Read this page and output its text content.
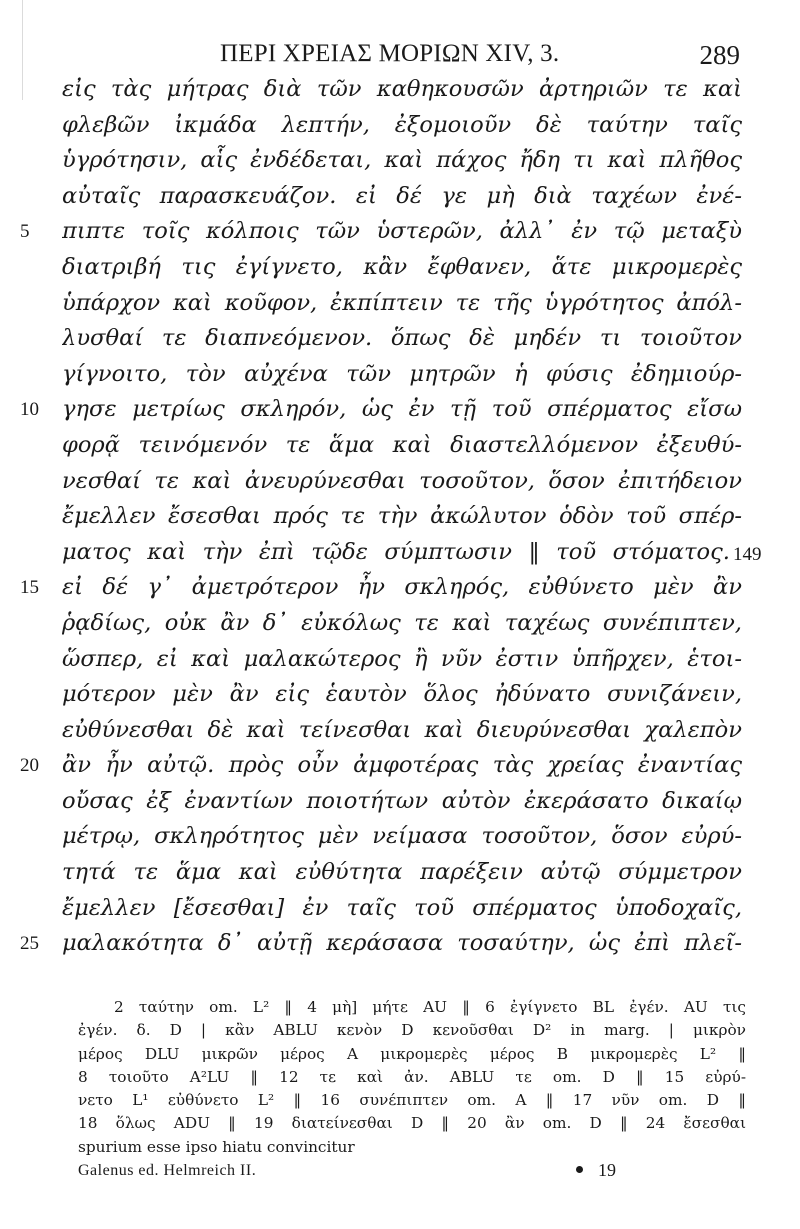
ΠΕΡΙ ΧΡΕΙΑΣ ΜΟΡΙΩΝ XIV, 3.	289
εἰς τὰς μήτρας διὰ τῶν καθηκουσῶν ἀρτηριῶν τε καὶ
φλεβῶν ἰκμάδα λεπτήν, ἐξομοιοῦν δὲ ταύτην ταῖς
ὑγρότησιν, αἷς ἐνδέδεται, καὶ πάχος ἤδη τι καὶ πλῆθος
αὐταῖς παρασκευάζον. εἰ δέ γε μὴ διὰ ταχέων ἐνέ-
5	πιπτε τοῖς κόλποις τῶν ὑστερῶν, ἀλλ᾽ ἐν τῷ μεταξὺ
διατριβή τις ἐγίγνετο, κἂν ἔφθανεν, ἅτε μικρομερὲς
ὑπάρχον καὶ κοῦφον, ἐκπίπτειν τε τῆς ὑγρότητος ἀπόλ-
λυσθαί τε διαπνεόμενον. ὅπως δὲ μηδέν τι τοιοῦτον
γίγνοιτο, τὸν αὐχένα τῶν μητρῶν ἡ φύσις ἐδημιούρ-
10	γησε μετρίως σκληρόν, ὡς ἐν τῇ τοῦ σπέρματος εἴσω
φορᾷ τεινόμενόν τε ἅμα καὶ διαστελλόμενον ἐξευθύ-
νεσθαί τε καὶ ἀνευρύνεσθαι τοσοῦτον, ὅσον ἐπιτήδειον
ἔμελλεν ἔσεσθαι πρός τε τὴν ἀκώλυτον ὁδὸν τοῦ σπέρ-
ματος καὶ τὴν ἐπὶ τῷδε σύμπτωσιν ‖ τοῦ στόματος. 149
15	εἰ δέ γ᾽ ἀμετρότερον ἦν σκληρός, εὐθύνετο μὲν ἂν
ῥᾳδίως, οὐκ ἂν δ᾽ εὐκόλως τε καὶ ταχέως συνέπιπτεν,
ὥσπερ, εἰ καὶ μαλακώτερος ἢ νῦν ἐστιν ὑπῆρχεν, ἑτοι-
μότερον μὲν ἂν εἰς ἑαυτὸν ὅλος ἠδύνατο συνιζάνειν,
εὐθύνεσθαι δὲ καὶ τείνεσθαι καὶ διευρύνεσθαι χαλεπὸν
20	ἂν ἦν αὐτῷ. πρὸς οὖν ἀμφοτέρας τὰς χρείας ἐναντίας
οὔσας ἐξ ἐναντίων ποιοτήτων αὐτὸν ἐκεράσατο δικαίῳ
μέτρῳ, σκληρότητος μὲν νείμασα τοσοῦτον, ὅσον εὐρύ-
τητά τε ἅμα καὶ εὐθύτητα παρέξειν αὐτῷ σύμμετρον
ἔμελλεν [ἔσεσθαι] ἐν ταῖς τοῦ σπέρματος ὑποδοχαῖς,
25	μαλακότητα δ᾽ αὐτῇ κεράσασα τοσαύτην, ὡς ἐπὶ πλεῖ-
2 ταύτην om. L² ‖ 4 μὴ] μήτε AU ‖ 6 ἐγίγνετο BL ἐγέν. AU τις
ἐγέν. δ. D | κἂν ABLU κενὸν D κενοῦσθαι D² in marg. | μικρὸν
μέρος DLU μικρῶν μέρος A μικρομερὲς μέρος B μικρομερὲς L² ‖
8 τοιοῦτο A²LU ‖ 12 τε καὶ ἀν. ABLU τε om. D ‖ 15 εὐρύ-
νετο L¹ εὐθύνετο L² ‖ 16 συνέπιπτεν om. A ‖ 17 νῦν om. D ‖
18 ὅλως ADU ‖ 19 διατείνεσθαι D ‖ 20 ἂν om. D ‖ 24 ἔσεσθαι
spurium esse ipso hiatu convincitur
Galenus ed. Helmreich II.	19
